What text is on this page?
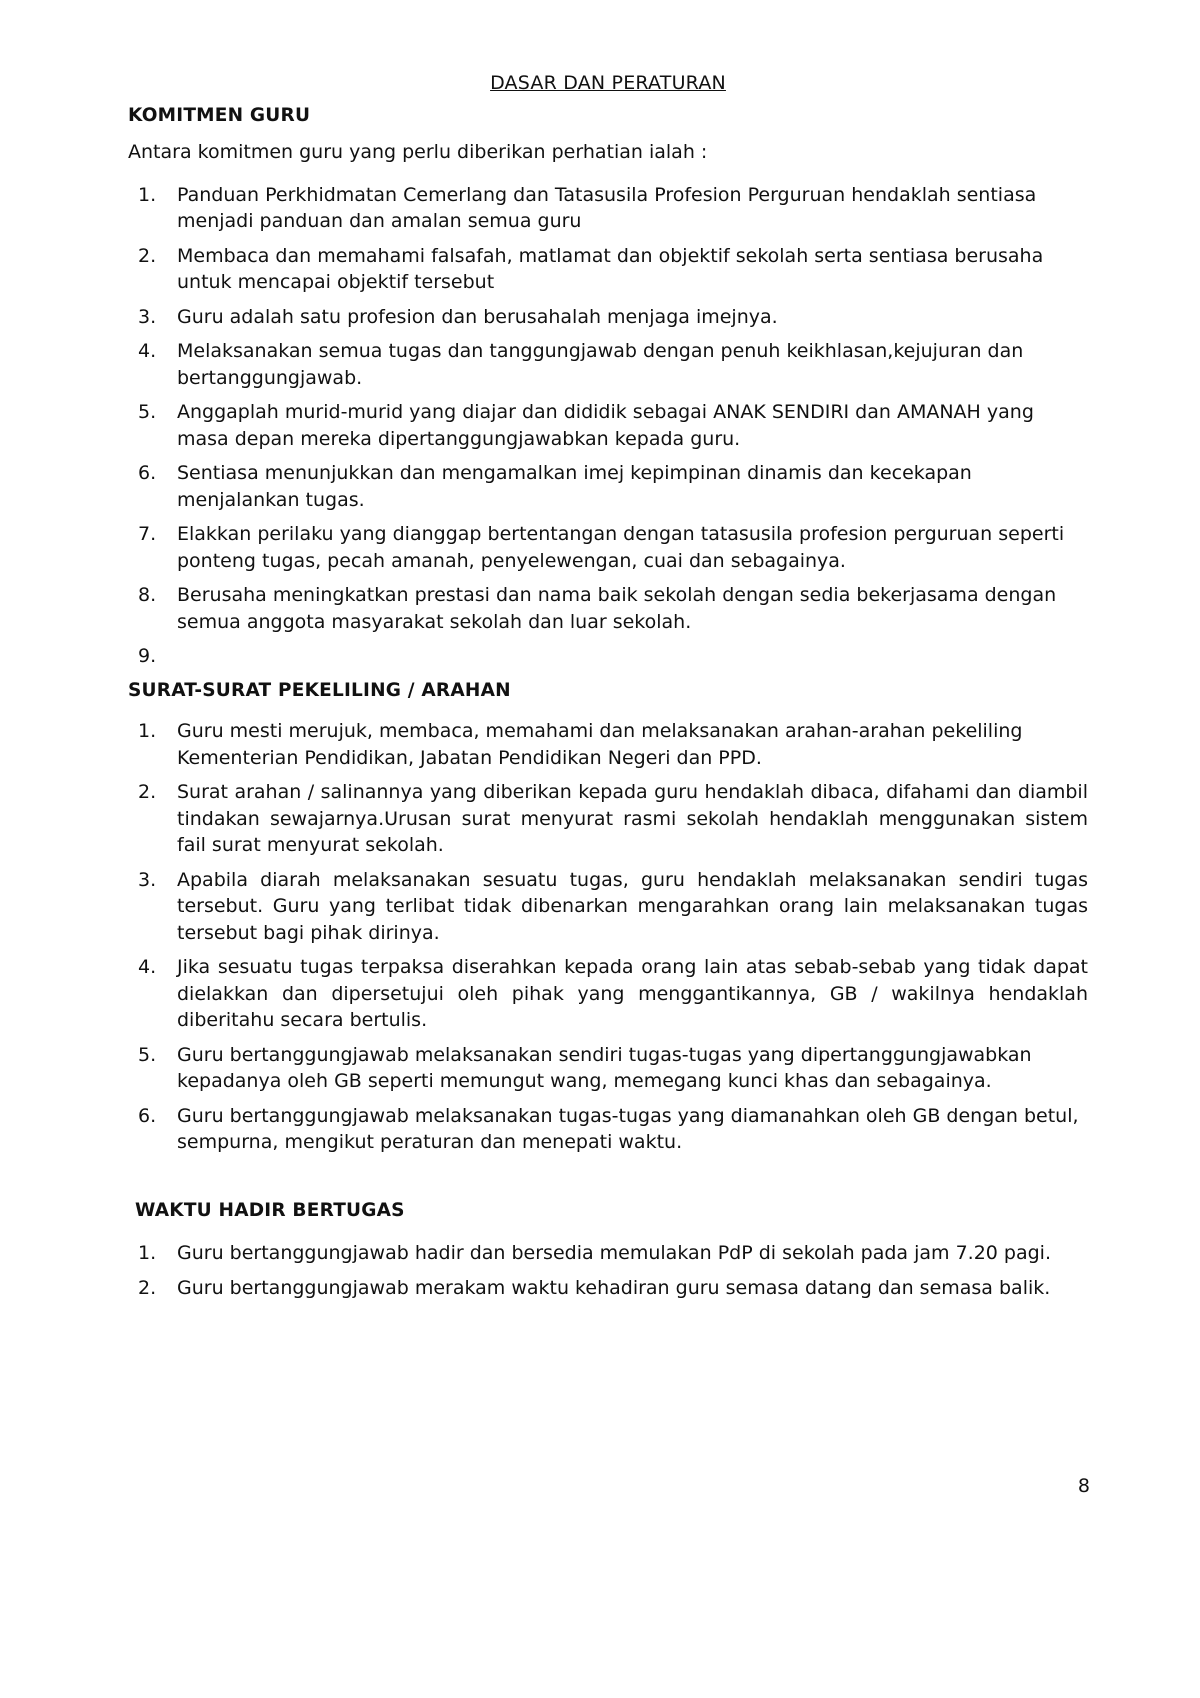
DASAR DAN PERATURAN
KOMITMEN GURU
Antara komitmen guru yang perlu diberikan perhatian ialah :
1.	Panduan Perkhidmatan Cemerlang dan Tatasusila Profesion Perguruan hendaklah sentiasa menjadi panduan dan amalan semua guru
2.	Membaca dan memahami falsafah, matlamat dan objektif sekolah serta sentiasa berusaha untuk mencapai objektif tersebut
3.	Guru adalah satu profesion dan berusahalah menjaga imejnya.
4.	Melaksanakan semua tugas dan tanggungjawab dengan penuh keikhlasan,kejujuran dan bertanggungjawab.
5.	Anggaplah murid-murid yang diajar dan dididik sebagai ANAK SENDIRI dan AMANAH yang masa depan mereka dipertanggungjawabkan kepada guru.
6.	Sentiasa menunjukkan dan mengamalkan imej kepimpinan dinamis dan kecekapan menjalankan tugas.
7.	Elakkan perilaku yang dianggap bertentangan dengan tatasusila profesion perguruan seperti ponteng tugas, pecah amanah, penyelewengan, cuai dan sebagainya.
8.	Berusaha meningkatkan prestasi dan nama baik sekolah dengan sedia bekerjasama dengan semua anggota masyarakat sekolah dan luar sekolah.
9.
SURAT-SURAT PEKELILING / ARAHAN
1.	Guru mesti merujuk, membaca, memahami dan melaksanakan arahan-arahan pekeliling Kementerian Pendidikan, Jabatan Pendidikan Negeri dan PPD.
2.	Surat arahan / salinannya yang diberikan kepada guru hendaklah dibaca, difahami dan diambil tindakan sewajarnya.Urusan surat menyurat rasmi sekolah hendaklah menggunakan sistem fail surat menyurat sekolah.
3.	Apabila diarah melaksanakan sesuatu tugas, guru hendaklah melaksanakan sendiri tugas tersebut. Guru yang terlibat tidak dibenarkan mengarahkan orang lain melaksanakan tugas tersebut bagi pihak dirinya.
4.	Jika sesuatu tugas terpaksa diserahkan kepada orang lain atas sebab-sebab yang tidak dapat dielakkan dan dipersetujui oleh pihak yang menggantikannya, GB / wakilnya hendaklah diberitahu secara bertulis.
5.	Guru bertanggungjawab melaksanakan sendiri tugas-tugas yang dipertanggungjawabkan kepadanya oleh GB seperti memungut wang, memegang kunci khas dan sebagainya.
6.	Guru bertanggungjawab melaksanakan tugas-tugas yang diamanahkan oleh GB dengan betul, sempurna, mengikut peraturan dan menepati waktu.
WAKTU HADIR BERTUGAS
1.	Guru bertanggungjawab hadir dan bersedia memulakan PdP di sekolah pada jam 7.20 pagi.
2.	Guru bertanggungjawab merakam waktu kehadiran guru semasa datang dan semasa balik.
8
